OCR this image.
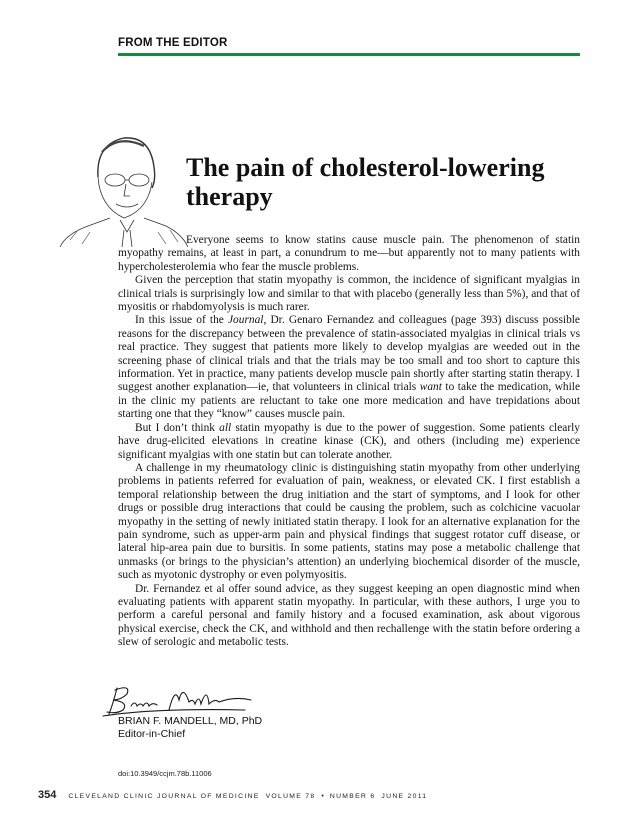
FROM THE EDITOR
The pain of cholesterol-lowering therapy

Everyone seems to know statins cause muscle pain. The phenomenon of statin myopathy remains, at least in part, a conundrum to me—but apparently not to many patients with hypercholesterolemia who fear the muscle problems.

Given the perception that statin myopathy is common, the incidence of significant myalgias in clinical trials is surprisingly low and similar to that with placebo (generally less than 5%), and that of myositis or rhabdomyolysis is much rarer.

In this issue of the Journal, Dr. Genaro Fernandez and colleagues (page 393) discuss possible reasons for the discrepancy between the prevalence of statin-associated myalgias in clinical trials vs real practice. They suggest that patients more likely to develop myalgias are weeded out in the screening phase of clinical trials and that the trials may be too small and too short to capture this information. Yet in practice, many patients develop muscle pain shortly after starting statin therapy. I suggest another explanation—ie, that volunteers in clinical trials want to take the medication, while in the clinic my patients are reluctant to take one more medication and have trepidations about starting one that they “know” causes muscle pain.

But I don’t think all statin myopathy is due to the power of suggestion. Some patients clearly have drug-elicited elevations in creatine kinase (CK), and others (including me) experience significant myalgias with one statin but can tolerate another.

A challenge in my rheumatology clinic is distinguishing statin myopathy from other underlying problems in patients referred for evaluation of pain, weakness, or elevated CK. I first establish a temporal relationship between the drug initiation and the start of symptoms, and I look for other drugs or possible drug interactions that could be causing the problem, such as colchicine vacuolar myopathy in the setting of newly initiated statin therapy. I look for an alternative explanation for the pain syndrome, such as upper-arm pain and physical findings that suggest rotator cuff disease, or lateral hip-area pain due to bursitis. In some patients, statins may pose a metabolic challenge that unmasks (or brings to the physician’s attention) an underlying biochemical disorder of the muscle, such as myotonic dystrophy or even polymyositis.

Dr. Fernandez et al offer sound advice, as they suggest keeping an open diagnostic mind when evaluating patients with apparent statin myopathy. In particular, with these authors, I urge you to perform a careful personal and family history and a focused examination, ask about vigorous physical exercise, check the CK, and withhold and then rechallenge with the statin before ordering a slew of serologic and metabolic tests.

BRIAN F. MANDELL, MD, PhD
Editor-in-Chief
doi:10.3949/ccjm.78b.11006
354 CLEVELAND CLINIC JOURNAL OF MEDICINE VOLUME 78 • NUMBER 6 JUNE 2011
